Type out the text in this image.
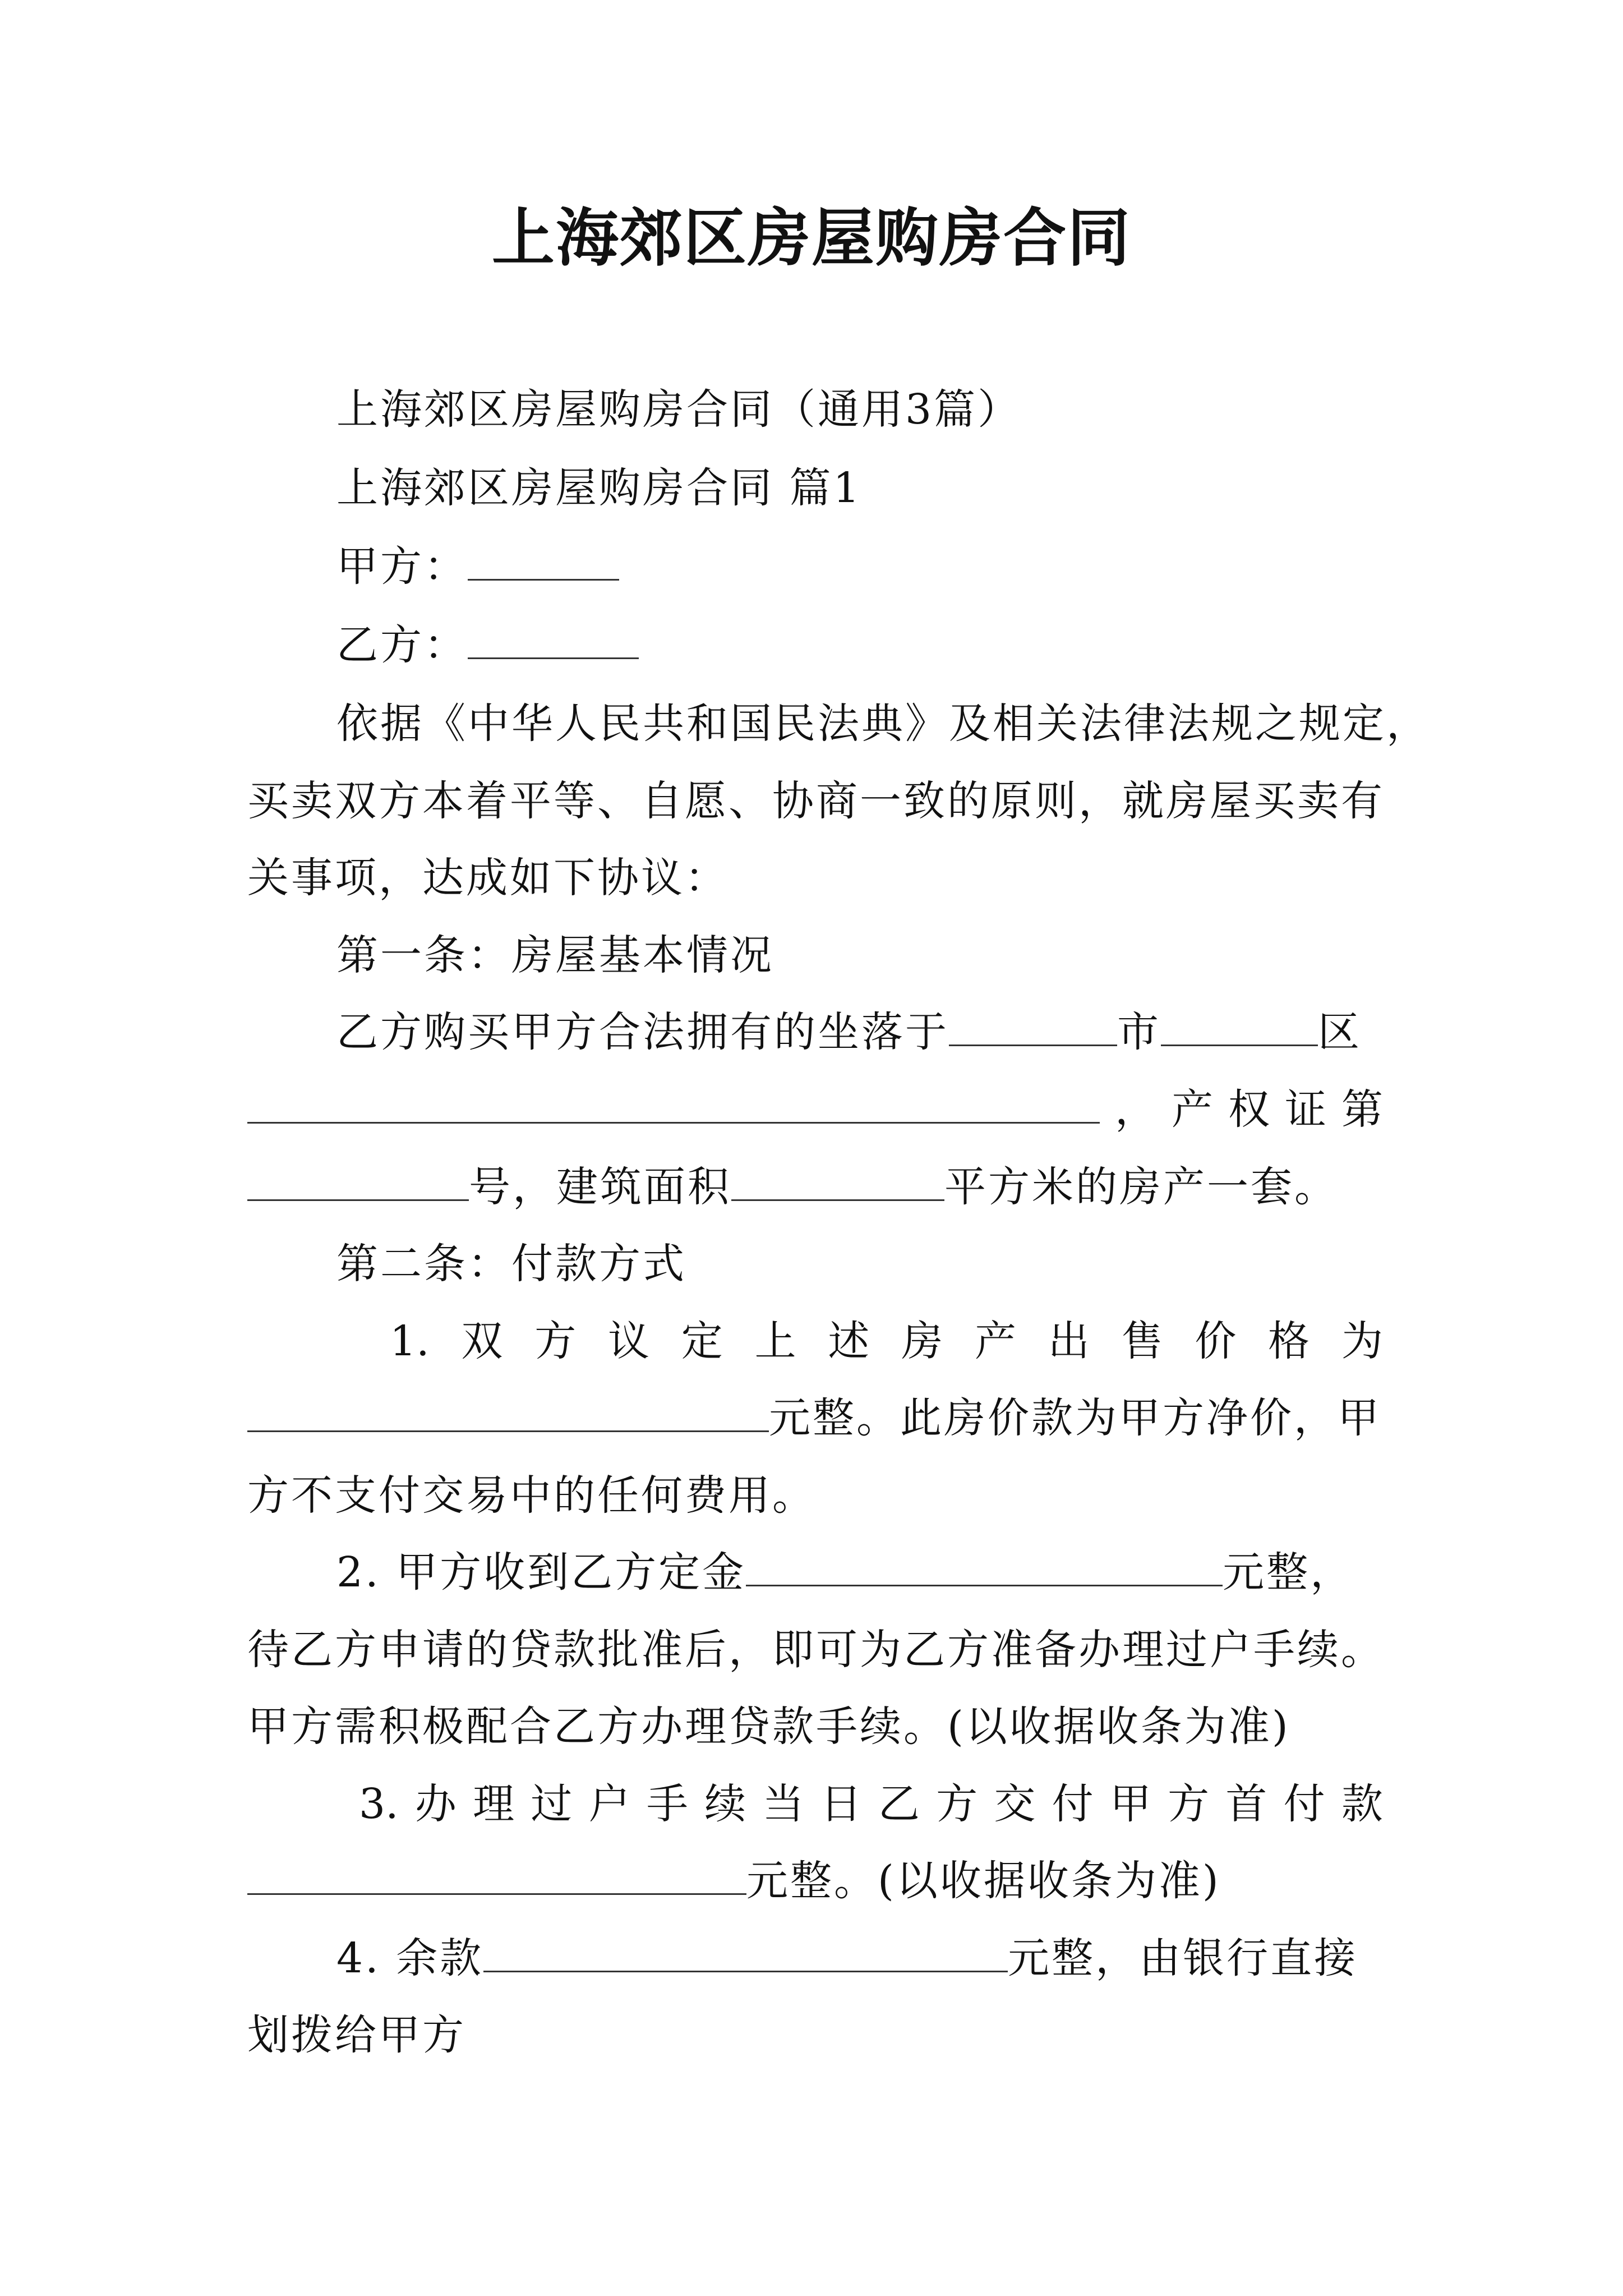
上海郊区房屋购房合同
上海郊区房屋购房合同（通用3篇）
上海郊区房屋购房合同 篇1
甲方：
乙方：
依据《中华人民共和国民法典》及相关法律法规之规定，
买卖双方本着平等、自愿、协商一致的原则，就房屋买卖有
关事项，达成如下协议：
第一条：房屋基本情况
乙方购买甲方合法拥有的坐落于	市	区
， 产 权 证 第
号，建筑面积	平方米的房产一套。
第二条：付款方式
1. 双 方 议 定 上 述 房 产 出 售 价 格 为
元整。此房价款为甲方净价，甲
方不支付交易中的任何费用。
2. 甲方收到乙方定金	元整，
待乙方申请的贷款批准后，即可为乙方准备办理过户手续。
甲方需积极配合乙方办理贷款手续。(以收据收条为准)
3. 办 理 过 户 手 续 当 日 乙 方 交 付 甲 方 首 付 款
元整。(以收据收条为准)
4. 余款	元整，由银行直接
划拨给甲方
